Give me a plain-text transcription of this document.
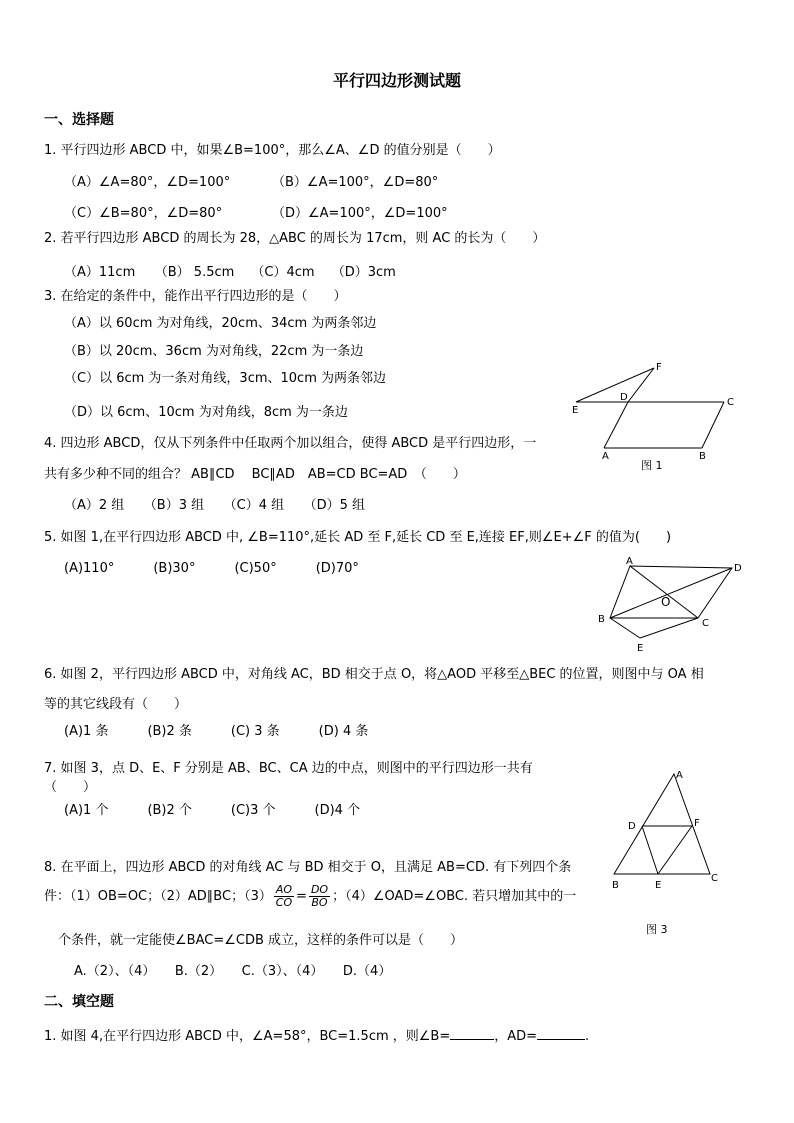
平行四边形测试题
一、选择题
1. 平行四边形 ABCD 中，如果∠B=100°，那么∠A、∠D 的值分别是（　　）
（A）∠A=80°，∠D=100°	（B）∠A=100°，∠D=80°
（C）∠B=80°，∠D=80°	（D）∠A=100°，∠D=100°
2. 若平行四边形 ABCD 的周长为 28，△ABC 的周长为 17cm，则 AC 的长为（　　）
（A）11cm　　（B） 5.5cm　 （C）4cm　 （D）3cm
3. 在给定的条件中，能作出平行四边形的是（　　）
（A）以 60cm 为对角线，20cm、34cm 为两条邻边
（B）以 20cm、36cm 为对角线，22cm 为一条边
（C）以 6cm 为一条对角线，3cm、10cm 为两条邻边
（D）以 6cm、10cm 为对角线，8cm 为一条边
F
D	C
E
A	B
图 1
4. 四边形 ABCD，仅从下列条件中任取两个加以组合，使得 ABCD 是平行四边形，一
共有多少种不同的组合？ AB∥CD　 BC∥AD　AB=CD BC=AD　（　　）
（A）2 组　　（B）3 组　　（C）4 组　　（D）5 组
5. 如图 1,在平行四边形 ABCD 中, ∠B=110°,延长 AD 至 F,延长 CD 至 E,连接 EF,则∠E+∠F 的值为(　　)
(A)110°　　　(B)30°　　　(C)50°　　　(D)70°	A
D
O
B	C
E
6. 如图 2，平行四边形 ABCD 中，对角线 AC，BD 相交于点 O，将△AOD 平移至△BEC 的位置，则图中与 OA 相
等的其它线段有（　　）
(A)1 条　　　(B)2 条　　　(C) 3 条　　　(D) 4 条
7. 如图 3，点 D、E、F 分别是 AB、BC、CA 边的中点，则图中的平行四边形一共有
（　　）
(A)1 个　　　(B)2 个　　　(C)3 个　　　(D)4 个
A
D	F
B	E
C
图 3
8. 在平面上，四边形 ABCD 的对角线 AC 与 BD 相交于 O，且满足 AB=CD. 有下列四个条
件：（1）OB=OC；（2）AD∥BC；$(3) \frac{AO}{CO} = \frac{DO}{BO}$ ；（4）∠OAD=∠OBC. 若只增加其中的一
个条件，就一定能使∠BAC=∠CDB 成立，这样的条件可以是（　　）
A.（2）、（4）　　B.（2）　　C.（3）、（4）　　D.（4）
二、填空题
1. 如图 4,在平行四边形 ABCD 中，∠A=58°，BC=1.5cm ，则∠B=	，AD=	.
